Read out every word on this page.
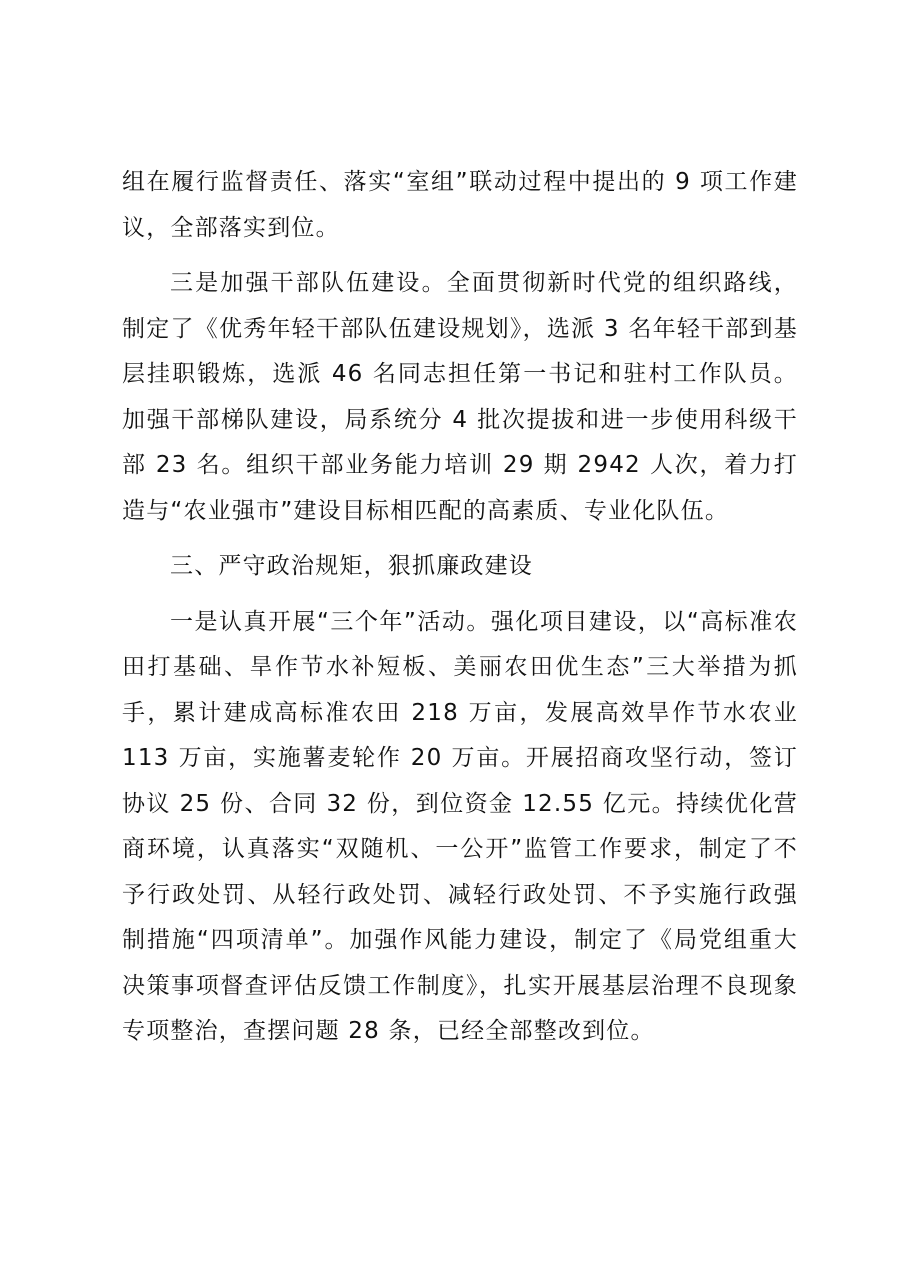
组在履行监督责任、落实“室组”联动过程中提出的 9 项工作建议，全部落实到位。

三是加强干部队伍建设。全面贯彻新时代党的组织路线，制定了《优秀年轻干部队伍建设规划》，选派 3 名年轻干部到基层挂职锻炼，选派 46 名同志担任第一书记和驻村工作队员。加强干部梯队建设，局系统分 4 批次提拔和进一步使用科级干部 23 名。组织干部业务能力培训 29 期 2942 人次，着力打造与“农业强市”建设目标相匹配的高素质、专业化队伍。

三、严守政治规矩，狠抓廉政建设

一是认真开展“三个年”活动。强化项目建设，以“高标准农田打基础、旱作节水补短板、美丽农田优生态”三大举措为抓手，累计建成高标准农田 218 万亩，发展高效旱作节水农业 113 万亩，实施薯麦轮作 20 万亩。开展招商攻坚行动，签订协议 25 份、合同 32 份，到位资金 12.55 亿元。持续优化营商环境，认真落实“双随机、一公开”监管工作要求，制定了不予行政处罚、从轻行政处罚、减轻行政处罚、不予实施行政强制措施“四项清单”。加强作风能力建设，制定了《局党组重大决策事项督查评估反馈工作制度》，扎实开展基层治理不良现象专项整治，查摆问题 28 条，已经全部整改到位。
